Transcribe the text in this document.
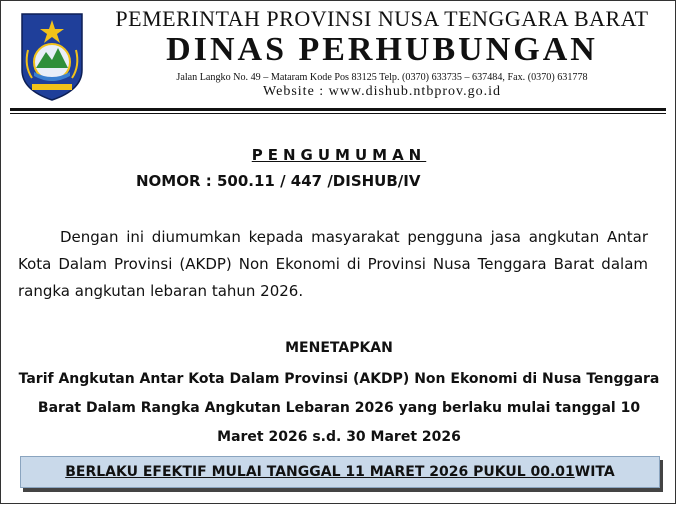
PEMERINTAH PROVINSI NUSA TENGGARA BARAT
DINAS PERHUBUNGAN
Jalan Langko No. 49 – Mataram Kode Pos 83125 Telp. (0370) 633735 – 637484, Fax. (0370) 631778
Website : www.dishub.ntbprov.go.id
PENGUMUMAN
NOMOR : 500.11 / 447 /DISHUB/IV
Dengan ini diumumkan kepada masyarakat pengguna jasa angkutan Antar Kota Dalam Provinsi (AKDP) Non Ekonomi di Provinsi Nusa Tenggara Barat dalam rangka angkutan lebaran tahun 2026.
MENETAPKAN
Tarif Angkutan Antar Kota Dalam Provinsi (AKDP) Non Ekonomi di Nusa Tenggara Barat Dalam Rangka Angkutan Lebaran 2026 yang berlaku mulai tanggal 10 Maret 2026 s.d. 30 Maret 2026
BERLAKU EFEKTIF MULAI TANGGAL 11 MARET 2026 PUKUL 00.01 WITA
